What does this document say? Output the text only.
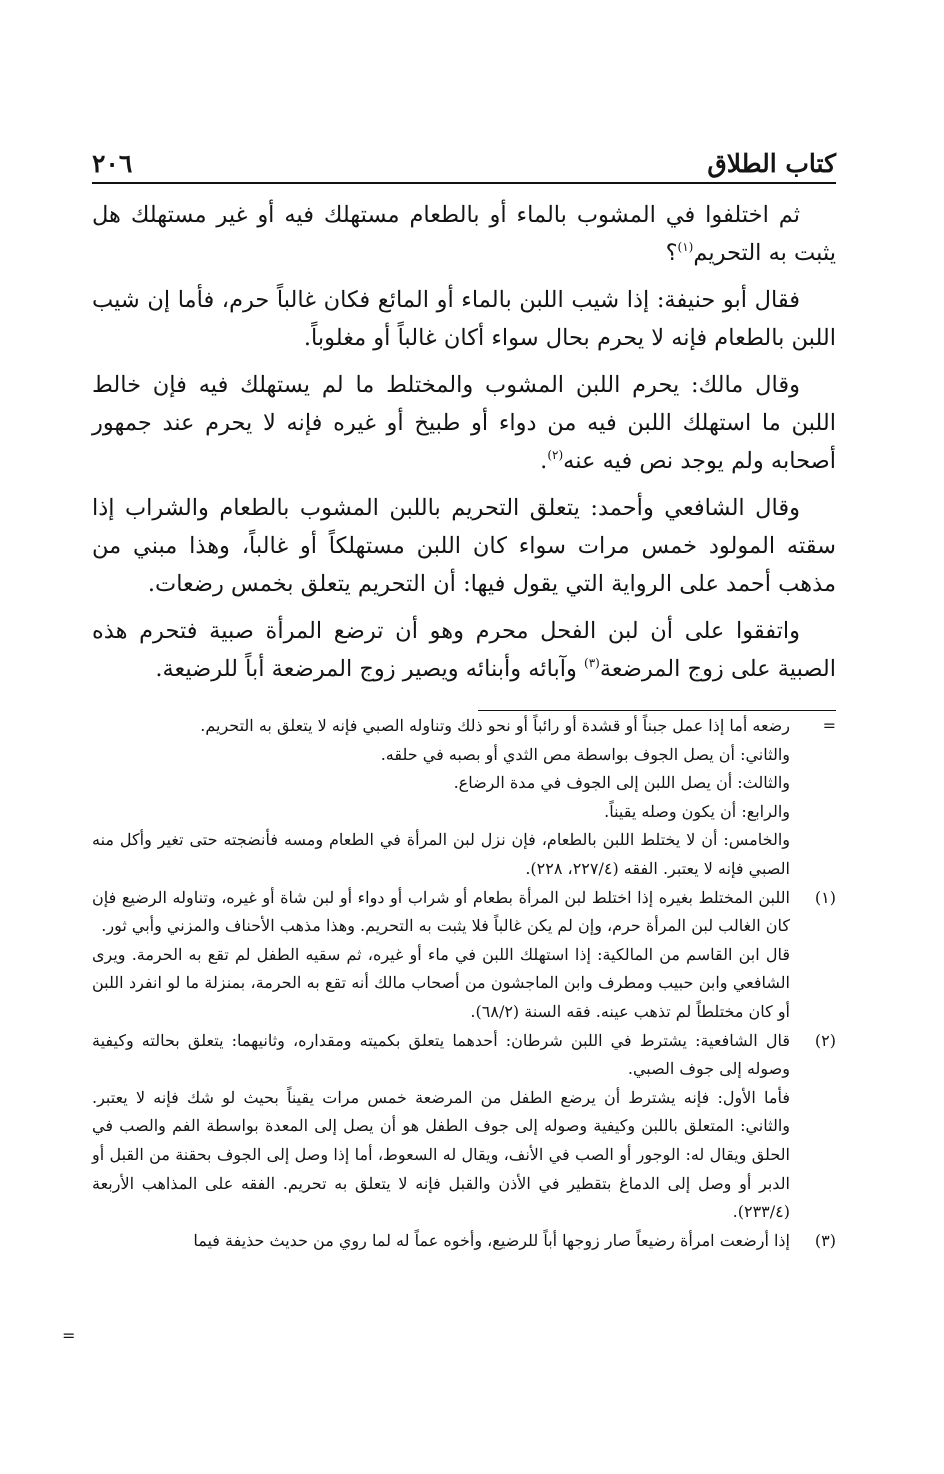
كتاب الطلاق
٢٠٦

ثم اختلفوا في المشوب بالماء أو بالطعام مستهلك فيه أو غير مستهلك هل يثبت به التحريم$^{(١)}$؟

فقال أبو حنيفة: إذا شيب اللبن بالماء أو المائع فكان غالباً حرم، فأما إن شيب اللبن بالطعام فإنه لا يحرم بحال سواء أكان غالباً أو مغلوباً.

وقال مالك: يحرم اللبن المشوب والمختلط ما لم يستهلك فيه فإن خالط اللبن ما استهلك اللبن فيه من دواء أو طبيخ أو غيره فإنه لا يحرم عند جمهور أصحابه ولم يوجد نص فيه عنه$^{(٢)}$.

وقال الشافعي وأحمد: يتعلق التحريم باللبن المشوب بالطعام والشراب إذا سقته المولود خمس مرات سواء كان اللبن مستهلكاً أو غالباً، وهذا مبني من مذهب أحمد على الرواية التي يقول فيها: أن التحريم يتعلق بخمس رضعات.

واتفقوا على أن لبن الفحل محرم وهو أن ترضع المرأة صبية فتحرم هذه الصبية على زوج المرضعة$^{(٣)}$ وآبائه وأبنائه ويصير زوج المرضعة أباً للرضيعة.

=

رضعه أما إذا عمل جبناً أو قشدة أو رائباً أو نحو ذلك وتناوله الصبي فإنه لا يتعلق به التحريم.

والثاني: أن يصل الجوف بواسطة مص الثدي أو بصبه في حلقه.

والثالث: أن يصل اللبن إلى الجوف في مدة الرضاع.

والرابع: أن يكون وصله يقيناً.

والخامس: أن لا يختلط اللبن بالطعام، فإن نزل لبن المرأة في الطعام ومسه فأنضجته حتى تغير وأكل منه الصبي فإنه لا يعتبر. الفقه (٢٢٧/٤، ٢٢٨).

(١)

اللبن المختلط بغيره إذا اختلط لبن المرأة بطعام أو شراب أو دواء أو لبن شاة أو غيره، وتناوله الرضيع فإن كان الغالب لبن المرأة حرم، وإن لم يكن غالباً فلا يثبت به التحريم. وهذا مذهب الأحناف والمزني وأبي ثور.

قال ابن القاسم من المالكية: إذا استهلك اللبن في ماء أو غيره، ثم سقيه الطفل لم تقع به الحرمة. ويرى الشافعي وابن حبيب ومطرف وابن الماجشون من أصحاب مالك أنه تقع به الحرمة، بمنزلة ما لو انفرد اللبن أو كان مختلطاً لم تذهب عينه. فقه السنة (٦٨/٢).

(٢)

قال الشافعية: يشترط في اللبن شرطان: أحدهما يتعلق بكميته ومقداره، وثانيهما: يتعلق بحالته وكيفية وصوله إلى جوف الصبي.

فأما الأول: فإنه يشترط أن يرضع الطفل من المرضعة خمس مرات يقيناً بحيث لو شك فإنه لا يعتبر. والثاني: المتعلق باللبن وكيفية وصوله إلى جوف الطفل هو أن يصل إلى المعدة بواسطة الفم والصب في الحلق ويقال له: الوجور أو الصب في الأنف، ويقال له السعوط، أما إذا وصل إلى الجوف بحقنة من القبل أو الدبر أو وصل إلى الدماغ بتقطير في الأذن والقبل فإنه لا يتعلق به تحريم. الفقه على المذاهب الأربعة (٢٣٣/٤).

(٣)

إذا أرضعت امرأة رضيعاً صار زوجها أباً للرضيع، وأخوه عماً له لما روي من حديث حذيفة فيما

=
